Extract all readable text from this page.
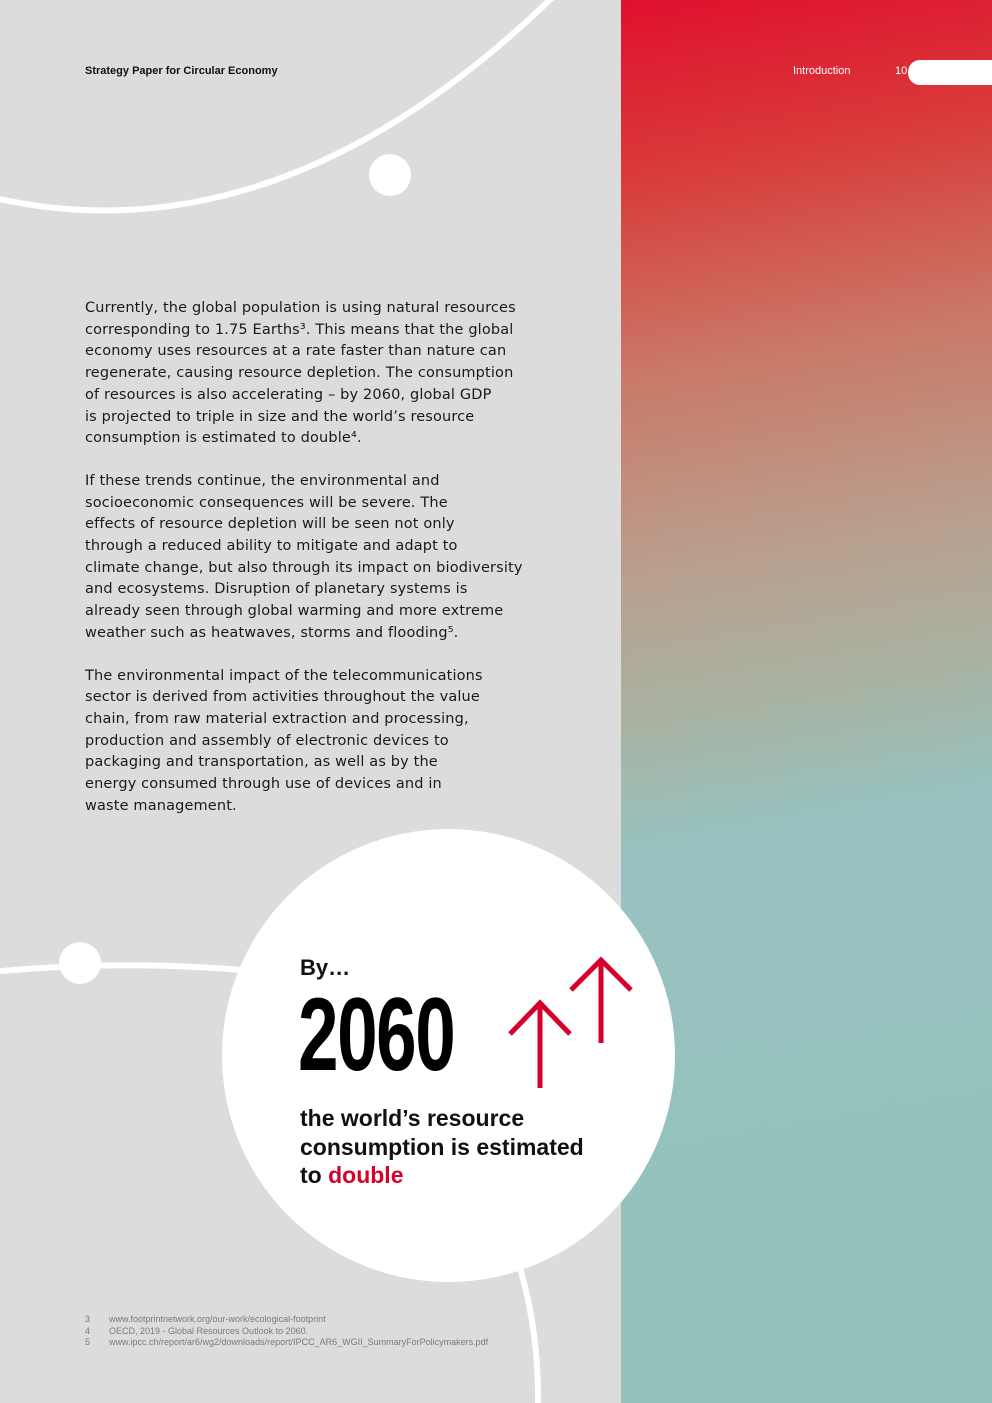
Strategy Paper for Circular Economy	Introduction	10

Currently, the global population is using natural resources
corresponding to 1.75 Earths³. This means that the global
economy uses resources at a rate faster than nature can
regenerate, causing resource depletion. The consumption
of resources is also accelerating – by 2060, global GDP
is projected to triple in size and the world’s resource
consumption is estimated to double⁴.

If these trends continue, the environmental and
socioeconomic consequences will be severe. The
effects of resource depletion will be seen not only
through a reduced ability to mitigate and adapt to
climate change, but also through its impact on biodiversity
and ecosystems. Disruption of planetary systems is
already seen through global warming and more extreme
weather such as heatwaves, storms and flooding⁵.

The environmental impact of the telecommunications
sector is derived from activities throughout the value
chain, from raw material extraction and processing,
production and assembly of electronic devices to
packaging and transportation, as well as by the
energy consumed through use of devices and in
waste management.

By…
2060
the world’s resource consumption is estimated to double
3	www.footprintnetwork.org/our-work/ecological-footprint
4	OECD, 2019 - Global Resources Outlook to 2060.
5	www.ipcc.ch/report/ar6/wg2/downloads/report/IPCC_AR6_WGII_SummaryForPolicymakers.pdf
